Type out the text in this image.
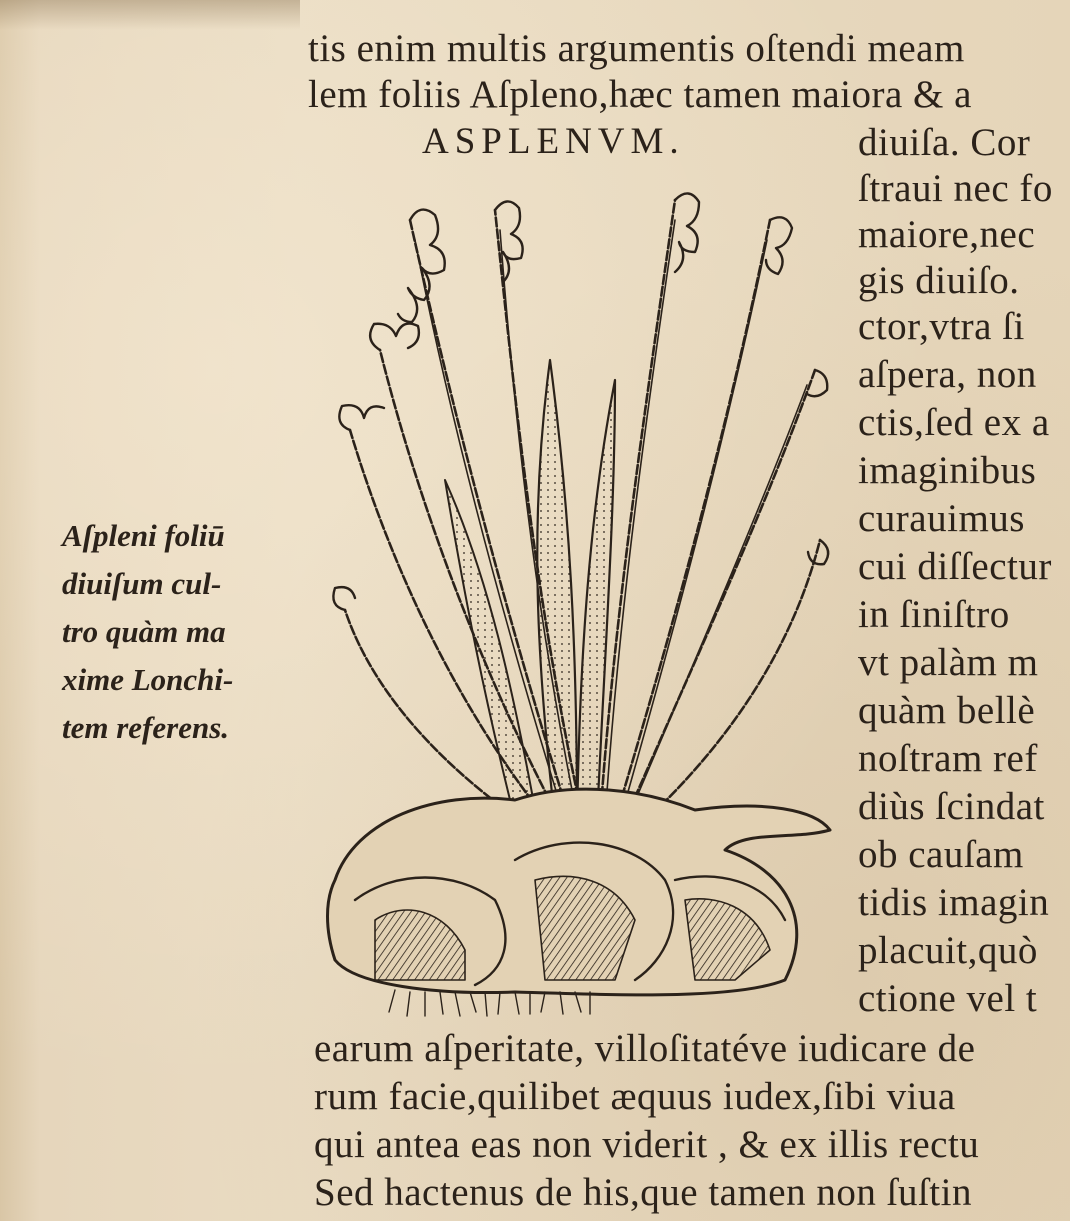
tis enim multis argumentis oſtendi meam
lem foliis Aſpleno,hæc tamen maiora & a
ASPLENVM.	diuiſa. Cor
ſtraui nec fo
maiore,nec
gis diuiſo.
ctor,vtra ſi
aſpera, non
ctis,ſed ex a
imaginibus
curauimus
cui diſſectur
in ſiniſtro
vt palàm m
quàm bellè
noſtram ref
diùs ſcindat
ob cauſam
tidis imagin
placuit,quò
ctione vel t
Aſpleni foliū
diuiſum cul-
tro quàm ma
xime Lonchi-
tem referens.
earum aſperitate, villoſitatéve iudicare de
rum facie,quilibet æquus iudex,ſibi viua
qui antea eas non viderit , & ex illis rectu
Sed hactenus de his,que tamen non ſuſtin
